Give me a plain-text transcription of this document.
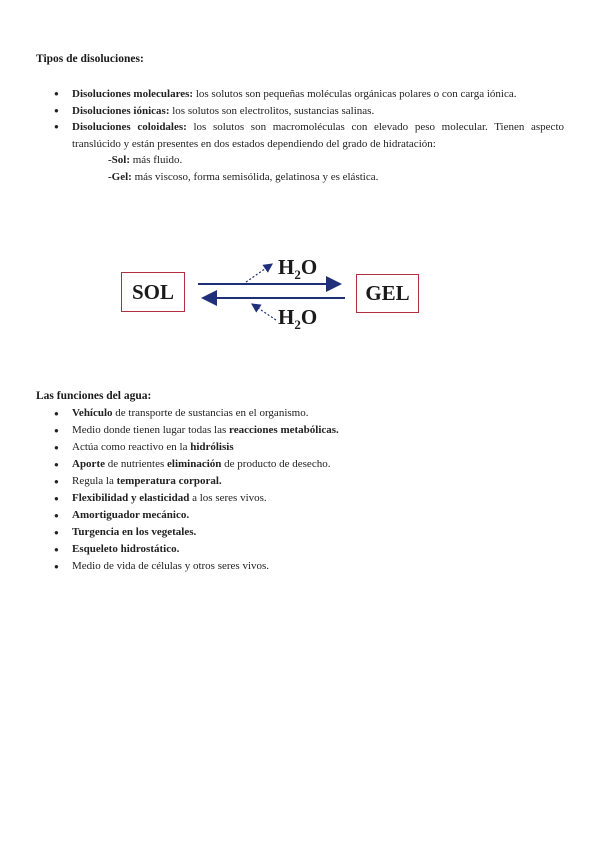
Tipos de disoluciones:
● Disoluciones moleculares: los solutos son pequeñas moléculas orgánicas polares o con carga iónica.
● Disoluciones iónicas: los solutos son electrolitos, sustancias salinas.
● Disoluciones coloidales: los solutos son macromoléculas con elevado peso molecular. Tienen aspecto translúcido y están presentes en dos estados dependiendo del grado de hidratación:
-Sol: más fluido.
-Gel: más viscoso, forma semisólida, gelatinosa y es elástica.
SOL	GEL
$H_2O$
$H_2O$
Las funciones del agua:
● Vehículo de transporte de sustancias en el organismo.
● Medio donde tienen lugar todas las reacciones metabólicas.
● Actúa como reactivo en la hidrólisis
● Aporte de nutrientes eliminación de producto de desecho.
● Regula la temperatura corporal.
● Flexibilidad y elasticidad a los seres vivos.
● Amortiguador mecánico.
● Turgencia en los vegetales.
● Esqueleto hidrostático.
● Medio de vida de células y otros seres vivos.
